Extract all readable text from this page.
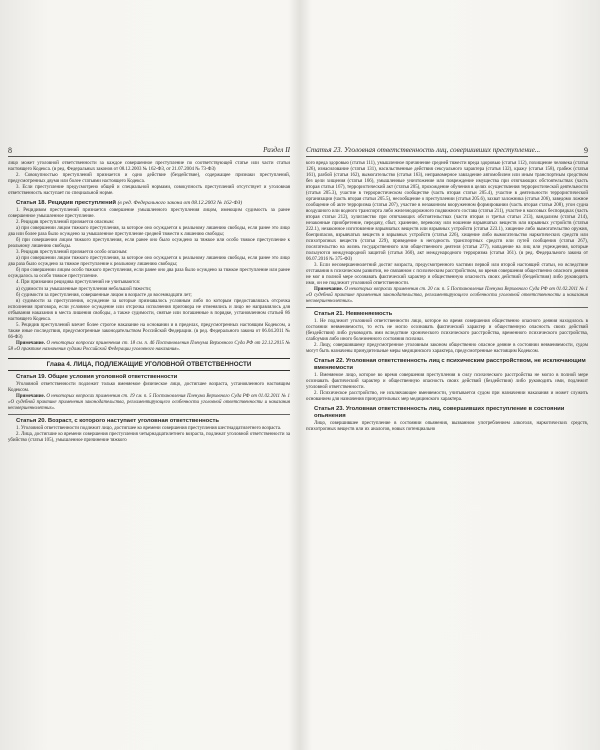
8	Раздел II

лицо может уголовной ответственности за каждое совершенное преступление по соответствующей статье или части статьи настоящего Кодекса. (в ред. Федеральных законов от 08.12.2003 № 162-ФЗ, от 21.07.2004 № 73-ФЗ)

2. Совокупностью преступлений признается и одно действие (бездействие), содержащее признаки преступлений, предусмотренных двумя или более статьями настоящего Кодекса.

3. Если преступление предусмотрено общей и специальной нормами, совокупность преступлений отсутствует и уголовная ответственность наступает по специальной норме.

Статья 18. Рецидив преступлений (в ред. Федерального закона от 08.12.2003 № 162-ФЗ)

1. Рецидивом преступлений признается совершение умышленного преступления лицом, имеющим судимость за ранее совершенное умышленное преступление.

2. Рецидив преступлений признается опасным:

а) при совершении лицом тяжкого преступления, за которое оно осуждается к реальному лишению свободы, если ранее это лицо два или более раза было осуждено за умышленное преступление средней тяжести к лишению свободы;

б) при совершении лицом тяжкого преступления, если ранее оно было осуждено за тяжкое или особо тяжкое преступление к реальному лишению свободы.

3. Рецидив преступлений признается особо опасным:

а) при совершении лицом тяжкого преступления, за которое оно осуждается к реальному лишению свободы, если ранее это лицо два раза было осуждено за тяжкое преступление к реальному лишению свободы;

б) при совершении лицом особо тяжкого преступления, если ранее оно два раза было осуждено за тяжкое преступление или ранее осуждалось за особо тяжкое преступление.

4. При признании рецидива преступлений не учитываются:

а) судимости за умышленные преступления небольшой тяжести;

б) судимости за преступления, совершенные лицом в возрасте до восемнадцати лет;

в) судимости за преступления, осуждение за которые признавалось условным либо по которым предоставлялась отсрочка исполнения приговора, если условное осуждение или отсрочка исполнения приговора не отменялись и лицо не направлялось для отбывания наказания в места лишения свободы, а также судимости, снятые или погашенные в порядке, установленном статьей 86 настоящего Кодекса.

5. Рецидив преступлений влечет более строгое наказание на основании и в пределах, предусмотренных настоящим Кодексом, а также иные последствия, предусмотренные законодательством Российской Федерации. (в ред. Федерального закона от 06.04.2011 № 66-ФЗ)

Примечание. О некоторых вопросах применения ст. 18 см. п. 46 Постановления Пленума Верховного Суда РФ от 22.12.2015 № 58 «О практике назначения судами Российской Федерации уголовного наказания».

Глава 4. ЛИЦА, ПОДЛЕЖАЩИЕ УГОЛОВНОЙ ОТВЕТСТВЕННОСТИ
Статья 19. Общие условия уголовной ответственности

Уголовной ответственности подлежит только вменяемое физическое лицо, достигшее возраста, установленного настоящим Кодексом.

Примечание. О некоторых вопросах применения ст. 19 см. п. 5 Постановления Пленума Верховного Суда РФ от 01.02.2011 № 1 «О судебной практике применения законодательства, регламентирующего особенности уголовной ответственности и наказания несовершеннолетних».

Статья 20. Возраст, с которого наступает уголовная ответственность

1. Уголовной ответственности подлежит лицо, достигшее ко времени совершения преступления шестнадцатилетнего возраста.

2. Лица, достигшие ко времени совершения преступления четырнадцатилетнего возраста, подлежат уголовной ответственности за убийство (статья 105), умышленное причинение тяжкого

Статья 23. Уголовная ответственность лиц, совершивших преступление...	9

кого вреда здоровью (статья 111), умышленное причинение средней тяжести вреда здоровью (статья 112), похищение человека (статья 126), изнасилование (статья 131), насильственные действия сексуального характера (статья 132), кражу (статья 158), грабеж (статья 161), разбой (статья 162), вымогательство (статья 163), неправомерное завладение автомобилем или иным транспортным средством без цели хищения (статья 166), умышленные уничтожение или повреждение имущества при отягчающих обстоятельствах (часть вторая статьи 167), террористический акт (статья 205), прохождение обучения в целях осуществления террористической деятельности (статья 205.3), участие в террористическом сообществе (часть вторая статьи 205.4), участие в деятельности террористической организации (часть вторая статьи 205.5), несообщение о преступлении (статья 205.6), захват заложника (статья 206), заведомо ложное сообщение об акте терроризма (статья 207), участие в незаконном вооруженном формировании (часть вторая статьи 208), угон судна воздушного или водного транспорта либо железнодорожного подвижного состава (статья 211), участие в массовых беспорядках (часть вторая статьи 212), хулиганство при отягчающих обстоятельствах (части вторая и третья статьи 213), вандализм (статья 214), незаконные приобретение, передачу, сбыт, хранение, перевозку или ношение взрывчатых веществ или взрывных устройств (статья 222.1), незаконное изготовление взрывчатых веществ или взрывных устройств (статья 223.1), хищение либо вымогательство оружия, боеприпасов, взрывчатых веществ и взрывных устройств (статья 226), хищение либо вымогательство наркотических средств или психотропных веществ (статья 229), приведение в негодность транспортных средств или путей сообщения (статья 267), посягательство на жизнь государственного или общественного деятеля (статья 277), нападение на лиц или учреждения, которые пользуются международной защитой (статья 360), акт международного терроризма (статья 361). (в ред. Федерального закона от 06.07.2016 № 375-ФЗ)

3. Если несовершеннолетний достиг возраста, предусмотренного частями первой или второй настоящей статьи, но вследствие отставания в психическом развитии, не связанном с психическим расстройством, во время совершения общественно опасного деяния не мог в полной мере осознавать фактический характер и общественную опасность своих действий (бездействия) либо руководить ими, он не подлежит уголовной ответственности.

Примечание. О некоторых вопросах применения ст. 20 см. п. 5 Постановления Пленума Верховного Суда РФ от 01.02.2011 № 1 «О судебной практике применения законодательства, регламентирующего особенности уголовной ответственности и наказания несовершеннолетних».

Статья 21. Невменяемость

1. Не подлежит уголовной ответственности лицо, которое во время совершения общественно опасного деяния находилось в состоянии невменяемости, то есть не могло осознавать фактический характер и общественную опасность своих действий (бездействия) либо руководить ими вследствие хронического психического расстройства, временного психического расстройства, слабоумия либо иного болезненного состояния психики.

2. Лицу, совершившему предусмотренное уголовным законом общественно опасное деяние в состоянии невменяемости, судом могут быть назначены принудительные меры медицинского характера, предусмотренные настоящим Кодексом.

Статья 22. Уголовная ответственность лиц с психическим расстройством, не исключающим вменяемости

1. Вменяемое лицо, которое во время совершения преступления в силу психического расстройства не могло в полной мере осознавать фактический характер и общественную опасность своих действий (бездействия) либо руководить ими, подлежит уголовной ответственности.

2. Психическое расстройство, не исключающее вменяемости, учитывается судом при назначении наказания и может служить основанием для назначения принудительных мер медицинского характера.

Статья 23. Уголовная ответственность лиц, совершивших преступление в состоянии опьянения

Лицо, совершившее преступление в состоянии опьянения, вызванном употреблением алкоголя, наркотических средств, психотропных веществ или их аналогов, новых потенциально
